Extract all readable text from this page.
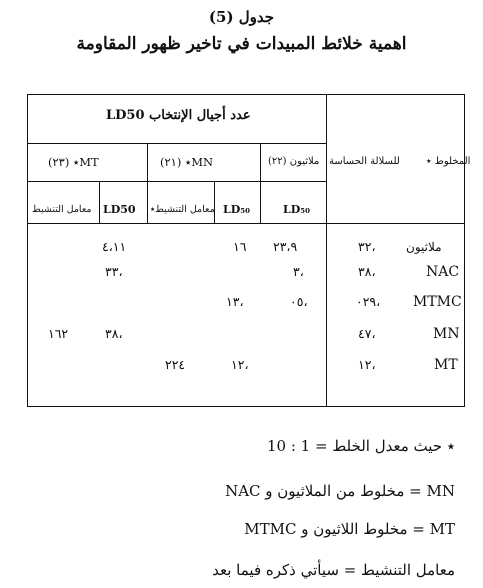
جدول (5)
اهمية خلائط المبيدات في تاخير ظهور المقاومة
عدد أجيال الإنتخاب LD50
المخلوط ٭
للسلالة الحساسة
ملاثيون (٢٢)
MN٭ (٢١)
MT٭ (٢٣)
LD₅₀
LD₅₀
معامل التنشيط٭
LD50
معامل التنشيط
ملاثيون
،٣٢
٢٣،٩
١٦
٤،١١
NAC
،٣٨
،٣
،٣٣
MTMC
،٠٢٩
،٠٥
،١٣
MN
،٤٧
،٣٨
١٦٢
MT
،١٢
،١٢
٢٢٤
٭ حيث معدل الخلط = 1 : 10
MN = مخلوط من الملاثيون و NAC
MT = مخلوط اللاثيون و MTMC
معامل التنشيط = سيأتي ذكره فيما بعد
